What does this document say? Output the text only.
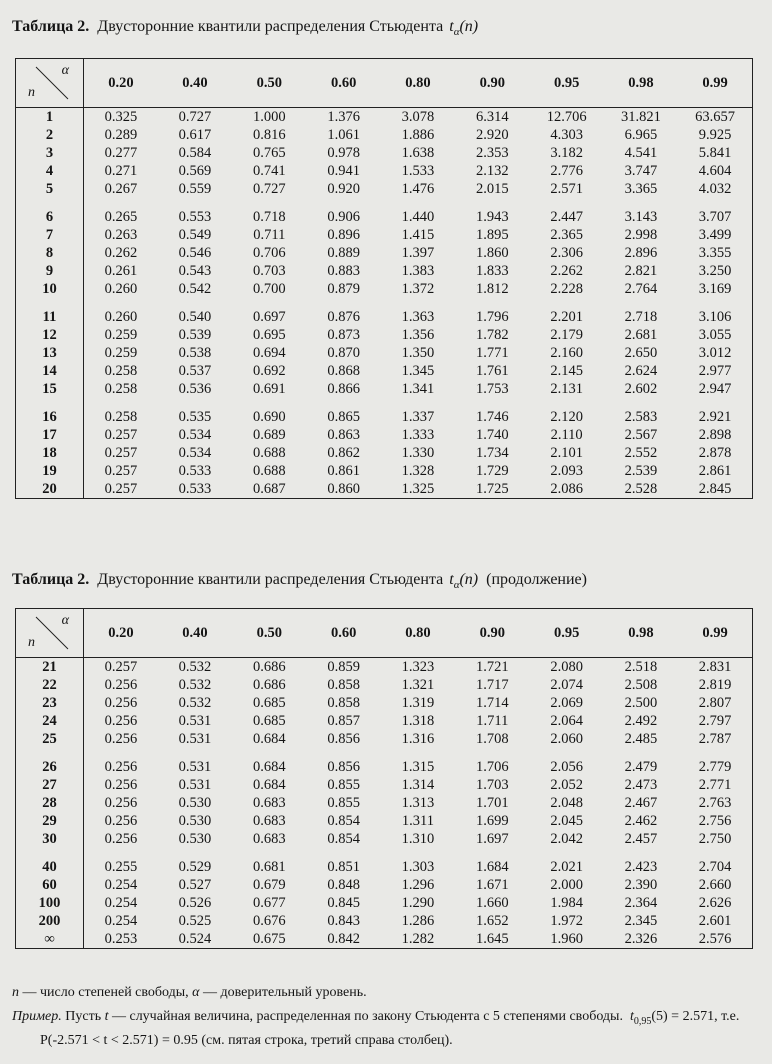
Таблица 2. Двусторонние квантили распределения Стьюдента $t_\alpha(n)$
α
n	0.20	0.40	0.50	0.60	0.80	0.90	0.95	0.98	0.99
1	0.325	0.727	1.000	1.376	3.078	6.314	12.706	31.821	63.657
2	0.289	0.617	0.816	1.061	1.886	2.920	4.303	6.965	9.925
3	0.277	0.584	0.765	0.978	1.638	2.353	3.182	4.541	5.841
4	0.271	0.569	0.741	0.941	1.533	2.132	2.776	3.747	4.604
5	0.267	0.559	0.727	0.920	1.476	2.015	2.571	3.365	4.032

6	0.265	0.553	0.718	0.906	1.440	1.943	2.447	3.143	3.707
7	0.263	0.549	0.711	0.896	1.415	1.895	2.365	2.998	3.499
8	0.262	0.546	0.706	0.889	1.397	1.860	2.306	2.896	3.355
9	0.261	0.543	0.703	0.883	1.383	1.833	2.262	2.821	3.250
10	0.260	0.542	0.700	0.879	1.372	1.812	2.228	2.764	3.169

11	0.260	0.540	0.697	0.876	1.363	1.796	2.201	2.718	3.106
12	0.259	0.539	0.695	0.873	1.356	1.782	2.179	2.681	3.055
13	0.259	0.538	0.694	0.870	1.350	1.771	2.160	2.650	3.012
14	0.258	0.537	0.692	0.868	1.345	1.761	2.145	2.624	2.977
15	0.258	0.536	0.691	0.866	1.341	1.753	2.131	2.602	2.947

16	0.258	0.535	0.690	0.865	1.337	1.746	2.120	2.583	2.921
17	0.257	0.534	0.689	0.863	1.333	1.740	2.110	2.567	2.898
18	0.257	0.534	0.688	0.862	1.330	1.734	2.101	2.552	2.878
19	0.257	0.533	0.688	0.861	1.328	1.729	2.093	2.539	2.861
20	0.257	0.533	0.687	0.860	1.325	1.725	2.086	2.528	2.845
Таблица 2. Двусторонние квантили распределения Стьюдента $t_\alpha(n)$ (продолжение)
α
n	0.20	0.40	0.50	0.60	0.80	0.90	0.95	0.98	0.99
21	0.257	0.532	0.686	0.859	1.323	1.721	2.080	2.518	2.831
22	0.256	0.532	0.686	0.858	1.321	1.717	2.074	2.508	2.819
23	0.256	0.532	0.685	0.858	1.319	1.714	2.069	2.500	2.807
24	0.256	0.531	0.685	0.857	1.318	1.711	2.064	2.492	2.797
25	0.256	0.531	0.684	0.856	1.316	1.708	2.060	2.485	2.787

26	0.256	0.531	0.684	0.856	1.315	1.706	2.056	2.479	2.779
27	0.256	0.531	0.684	0.855	1.314	1.703	2.052	2.473	2.771
28	0.256	0.530	0.683	0.855	1.313	1.701	2.048	2.467	2.763
29	0.256	0.530	0.683	0.854	1.311	1.699	2.045	2.462	2.756
30	0.256	0.530	0.683	0.854	1.310	1.697	2.042	2.457	2.750

40	0.255	0.529	0.681	0.851	1.303	1.684	2.021	2.423	2.704
60	0.254	0.527	0.679	0.848	1.296	1.671	2.000	2.390	2.660
100	0.254	0.526	0.677	0.845	1.290	1.660	1.984	2.364	2.626
200	0.254	0.525	0.676	0.843	1.286	1.652	1.972	2.345	2.601
∞	0.253	0.524	0.675	0.842	1.282	1.645	1.960	2.326	2.576
n — число степеней свободы, α — доверительный уровень.
Пример. Пусть t — случайная величина, распределенная по закону Стьюдента с 5 степенями свободы. $t_{0,95}(5) = 2.571$, т.е.
P(-2.571 < t < 2.571) = 0.95 (см. пятая строка, третий справа столбец).
